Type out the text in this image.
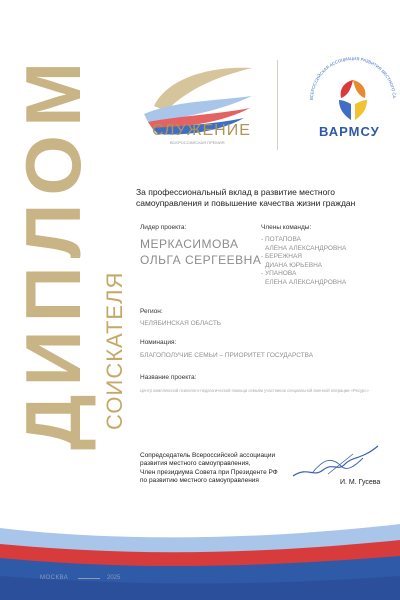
ДИПЛОМ СОИСКАТЕЛЯ
СЛУЖЕНИЕ
ВСЕРОССИЙСКАЯ ПРЕМИЯ
ВСЕРОССИЙСКАЯ АССОЦИАЦИЯ РАЗВИТИЯ МЕСТНОГО СА
ВАРМСУ
За профессиональный вклад в развитие местного самоуправления и повышение качества жизни граждан
Лидер проекта:
МЕРКАСИМОВА
ОЛЬГА СЕРГЕЕВНА
Члены команды:
- ПОТАПОВА
АЛЕНА АЛЕКСАНДРОВНА
- БЕРЕЖНАЯ
ДИАНА ЮРЬЕВНА
- УПАНОВА
ЕЛЕНА АЛЕКСАНДРОВНА
Регион:
ЧЕЛЯБИНСКАЯ ОБЛАСТЬ
Номинация:
БЛАГОПОЛУЧИЕ СЕМЬИ – ПРИОРИТЕТ ГОСУДАРСТВА
Название проекта:
Центр комплексной психолого-педагогической помощи семьям участников специальной военной операции «Ресурс»
Сопредседатель Всероссийской ассоциации
развития местного самоуправления,
Член президиума Совета при Президенте РФ
по развитию местного самоуправления	И. М. Гусева
МОСКВА	2025
